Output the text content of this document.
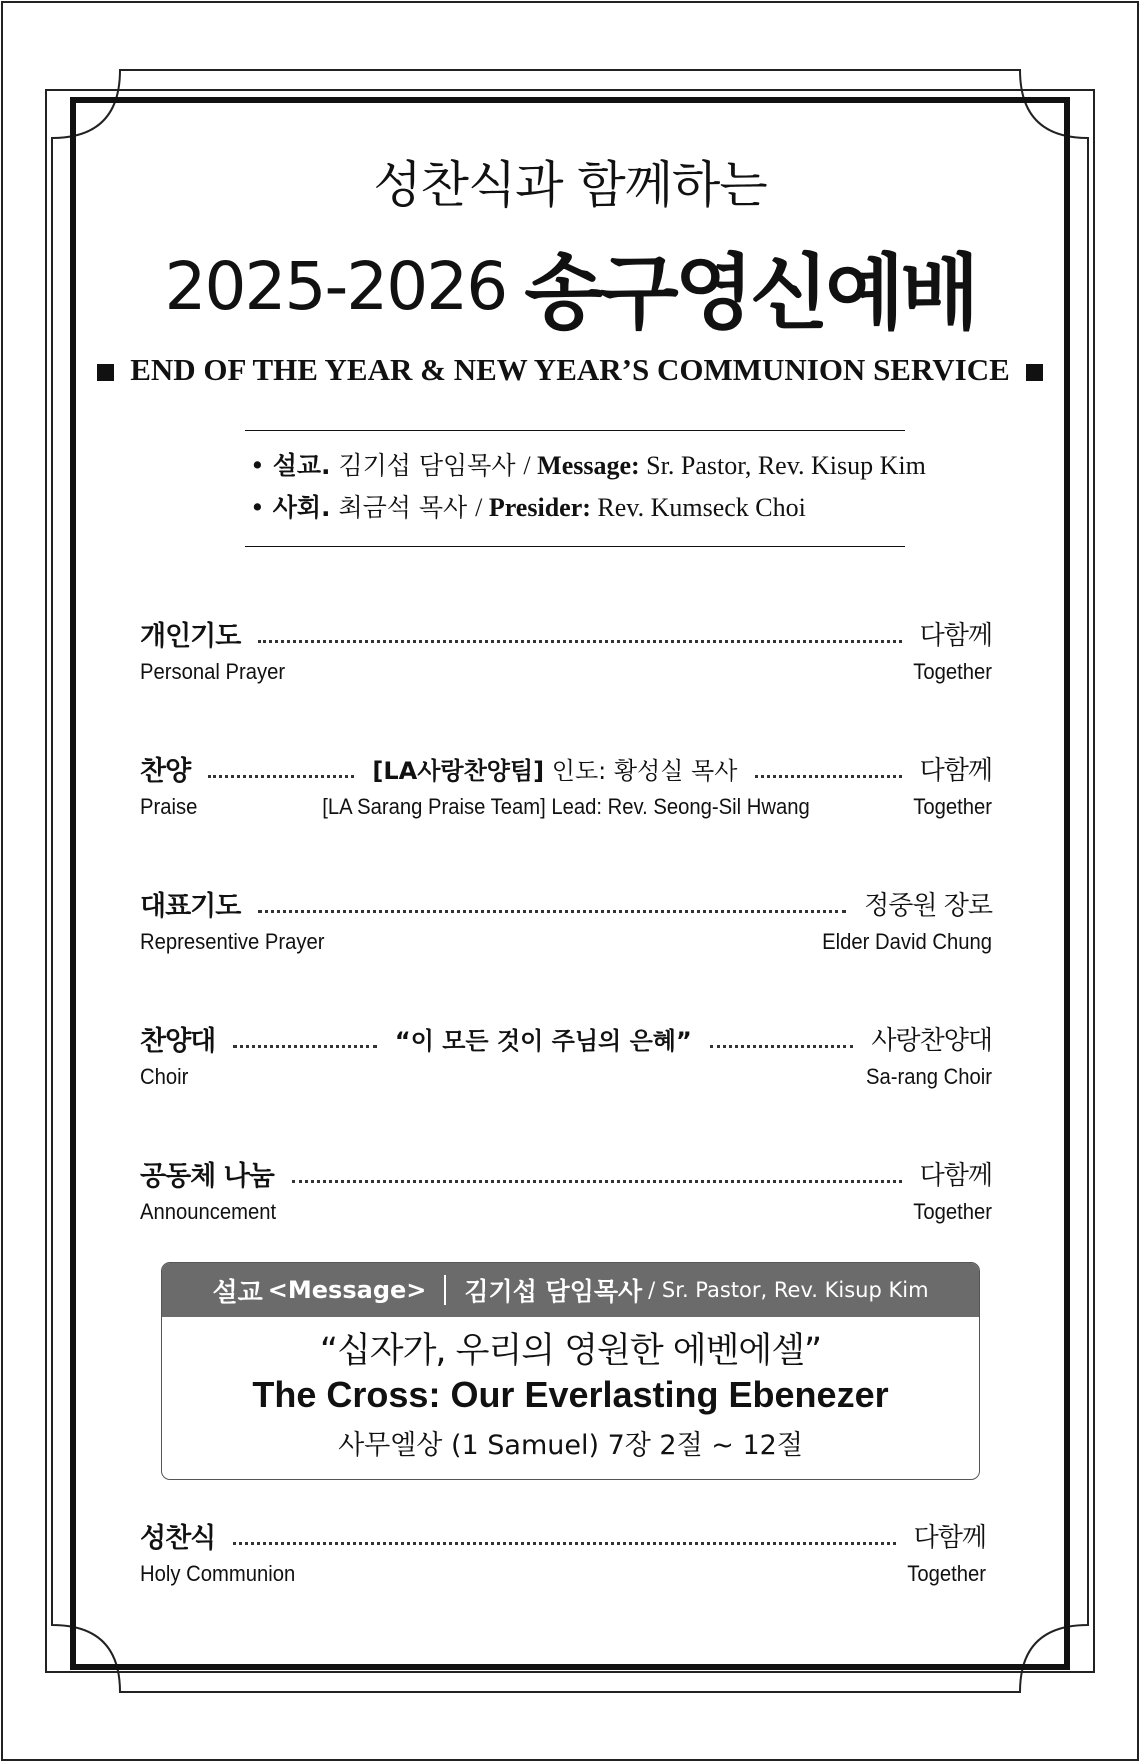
성찬식과 함께하는
2025-2026 송구영신예배
END OF THE YEAR & NEW YEAR’S COMMUNION SERVICE
• 설교. 김기섭 담임목사 / Message: Sr. Pastor, Rev. Kisup Kim
• 사회. 최금석 목사 / Presider: Rev. Kumseck Choi
개인기도	다함께
Personal Prayer	Together
찬양	[LA사랑찬양팀] 인도: 황성실 목사	다함께
Praise	[LA Sarang Praise Team] Lead: Rev. Seong-Sil Hwang	Together
대표기도	정중원 장로
Representive Prayer	Elder David Chung
찬양대	“이 모든 것이 주님의 은혜”	사랑찬양대
Choir	Sa-rang Choir
공동체 나눔	다함께
Announcement	Together
설교
<Message> 김기섭 담임목사 / Sr. Pastor, Rev. Kisup Kim
“십자가, 우리의 영원한 에벤에셀”
The Cross: Our Everlasting Ebenezer
사무엘상 (1 Samuel) 7장 2절 ~ 12절
성찬식	다함께
Holy Communion	Together
